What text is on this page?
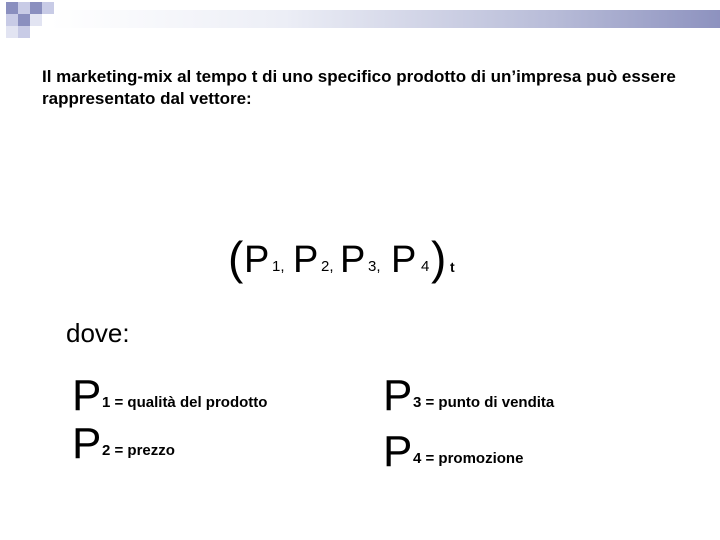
Il marketing-mix al tempo t di uno specifico prodotto di un’impresa può essere rappresentato dal vettore:
( P 1, P 2, P 3, P 4 ) t
dove:
P 1 = qualità del prodotto
P 2 = prezzo
P 3 = punto di vendita
P 4 = promozione
